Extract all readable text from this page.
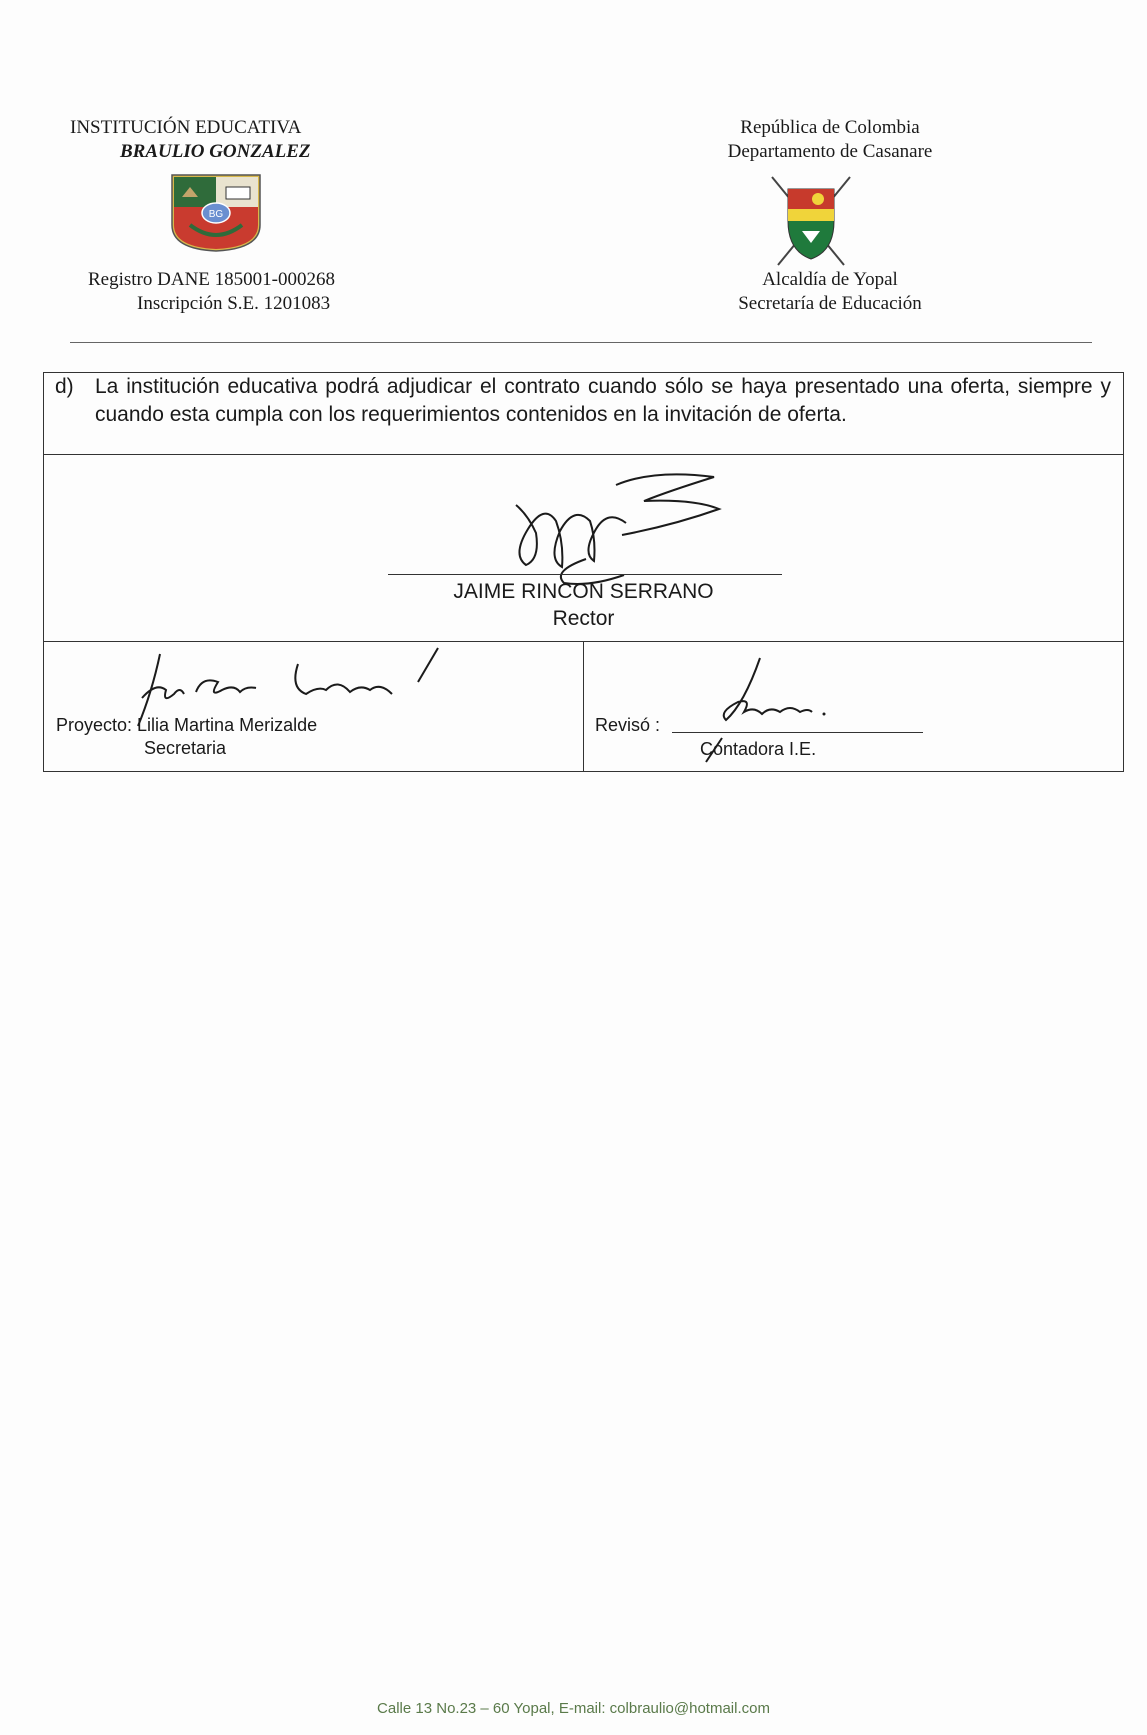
INSTITUCIÓN EDUCATIVA
BRAULIO GONZALEZ
BG
Registro DANE 185001-000268
Inscripción S.E. 1201083
República de Colombia
Departamento de Casanare
Alcaldía de Yopal
Secretaría de Educación
d) La institución educativa podrá adjudicar el contrato cuando sólo se haya presentado una oferta, siempre y cuando esta cumpla con los requerimientos contenidos en la invitación de oferta.
JAIME RINCON SERRANO
Rector
Proyecto: Lilia Martina Merizalde
Secretaria
Revisó :
Contadora I.E.
Calle 13 No.23 – 60 Yopal, E-mail: colbraulio@hotmail.com
